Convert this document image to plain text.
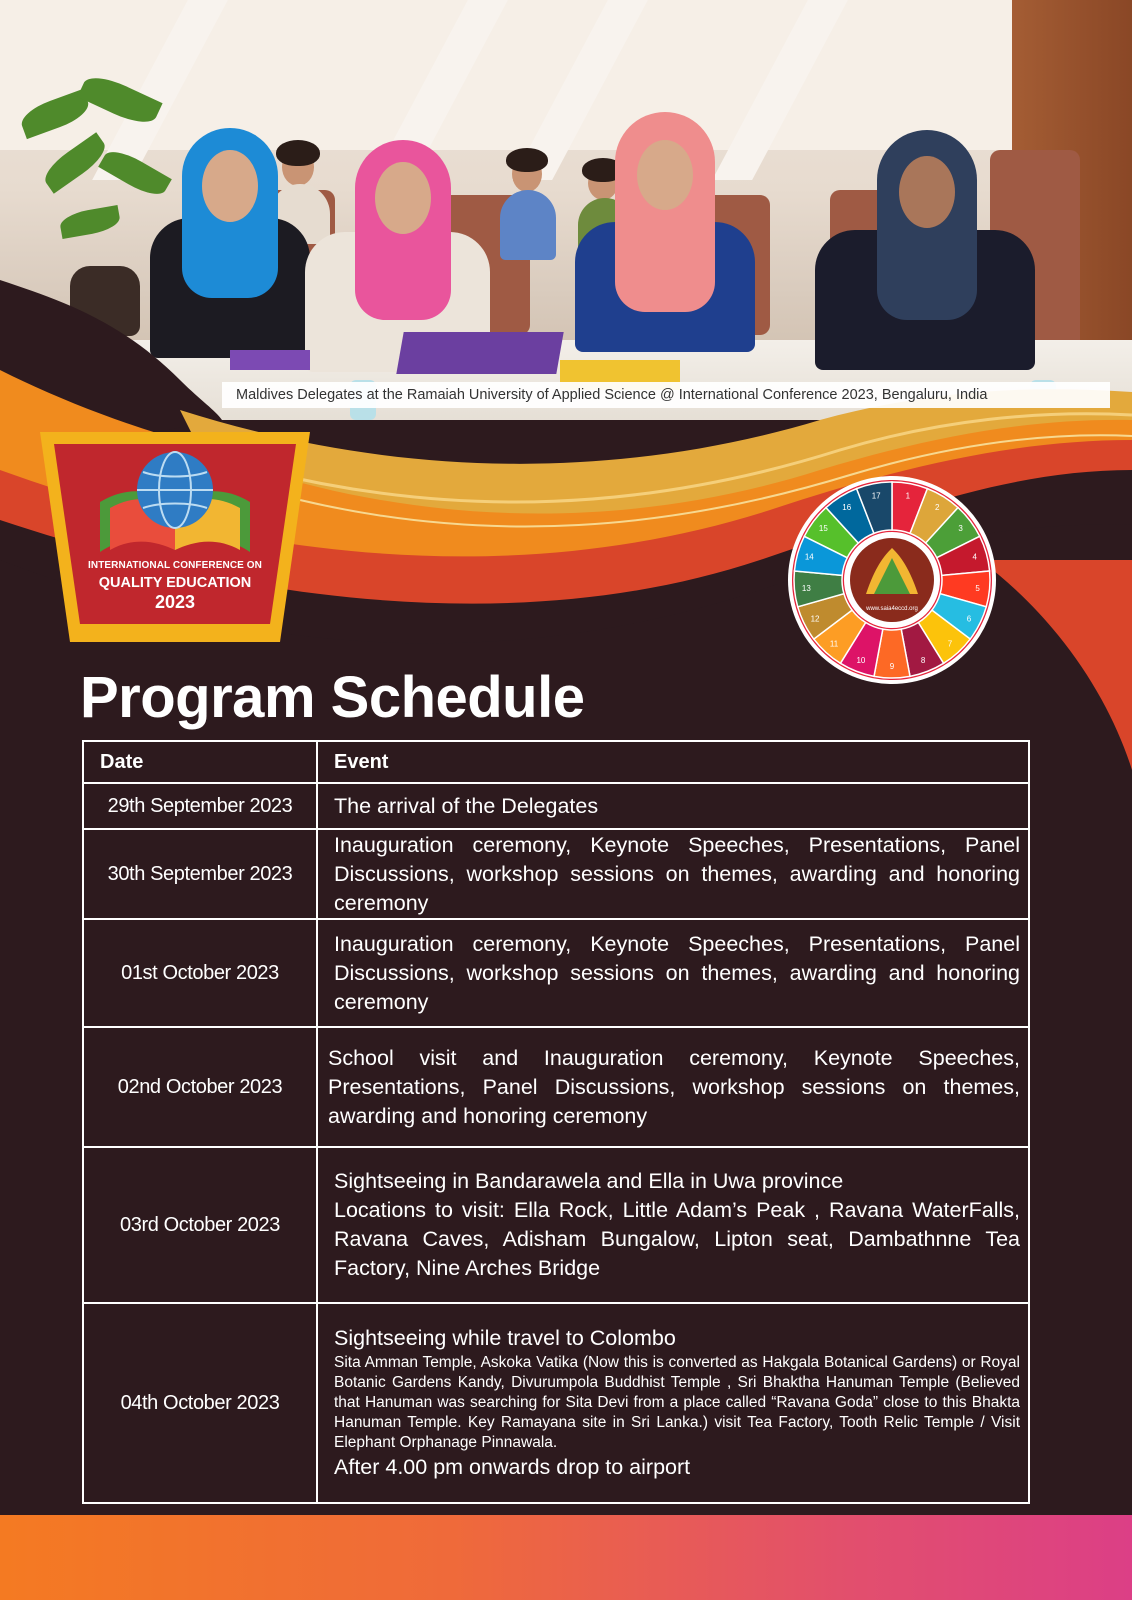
Maldives Delegates at the Ramaiah University of Applied Science @ International Conference 2023, Bengaluru, India
INTERNATIONAL CONFERENCE ON
QUALITY EDUCATION
2023
1
2
3
4
5
6
7
8
9
10
11
12
13
14
15
16
17
www.saia4eccd.org
Program Schedule
Date	Event
29th September 2023	The arrival of the Delegates
30th September 2023	Inauguration ceremony, Keynote Speeches, Presentations, Panel Discussions, workshop sessions on themes, awarding and honoring ceremony
01st October 2023	Inauguration ceremony, Keynote Speeches, Presentations, Panel Discussions, workshop sessions on themes, awarding and honoring ceremony
02nd October 2023	School visit and Inauguration ceremony, Keynote Speeches, Presentations, Panel Discussions, workshop sessions on themes, awarding and honoring ceremony
03rd October 2023	Sightseeing in Bandarawela and Ella in Uwa province
Locations to visit: Ella Rock, Little Adam’s Peak , Ravana WaterFalls, Ravana Caves, Adisham Bungalow, Lipton seat, Dambathnne Tea Factory, Nine Arches Bridge
04th October 2023	Sightseeing while travel to Colombo
Sita Amman Temple, Askoka Vatika (Now this is converted as Hakgala Botanical Gardens) or Royal Botanic Gardens Kandy, Divurumpola Buddhist Temple , Sri Bhaktha Hanuman Temple (Believed that Hanuman was searching for Sita Devi from a place called “Ravana Goda” close to this Bhakta Hanuman Temple. Key Ramayana site in Sri Lanka.) visit Tea Factory, Tooth Relic Temple / Visit Elephant Orphanage Pinnawala.
After 4.00 pm onwards drop to airport
